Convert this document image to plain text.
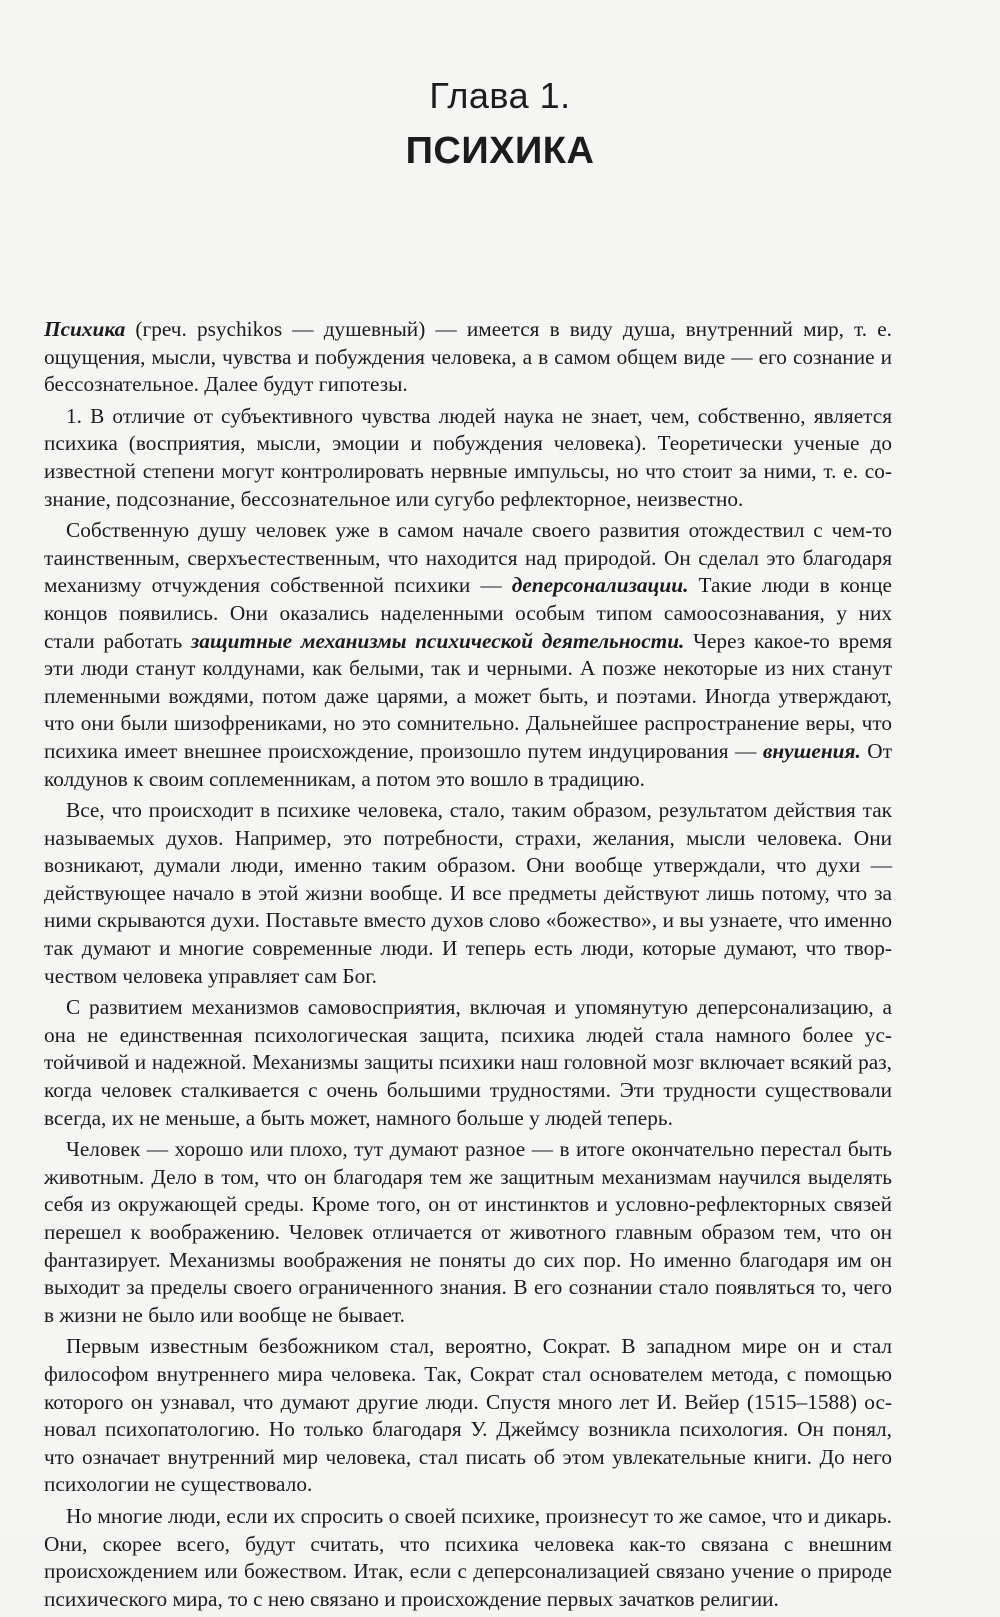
Глава 1.
ПСИХИКА

Психика (греч. psychikos — душевный) — имеется в виду душа, внутренний мир, т. е. ощущения, мысли, чувства и побуждения человека, а в самом общем виде — его сознание и бессознательное. Далее будут гипотезы.

1. В отличие от субъективного чувства людей наука не знает, чем, собственно, является психика (восприятия, мысли, эмоции и побуждения человека). Теоретически ученые до известной степени могут контролировать нервные импульсы, но что стоит за ними, т. е. сознание, подсознание, бессознательное или сугубо рефлекторное, неизвестно.

Собственную душу человек уже в самом начале своего развития отождествил с чем-то таинственным, сверхъестественным, что находится над природой. Он сделал это благодаря механизму отчуждения собственной психики — деперсонализации. Такие люди в конце концов появились. Они оказались наделенными особым типом самоосознавания, у них стали работать защитные механизмы психической деятельности. Через какое-то время эти люди станут колдунами, как белыми, так и черными. А позже некоторые из них станут племенными вождями, потом даже царями, а может быть, и поэтами. Иногда утверждают, что они были шизофрениками, но это сомнительно. Дальнейшее распространение веры, что психика имеет внешнее происхождение, произошло путем индуцирования — внушения. От колдунов к своим соплеменникам, а потом это вошло в традицию.

Все, что происходит в психике человека, стало, таким образом, результатом действия так называемых духов. Например, это потребности, страхи, желания, мысли человека. Они возникают, думали люди, именно таким образом. Они вообще утверждали, что духи — действующее начало в этой жизни вообще. И все предметы действуют лишь потому, что за ними скрываются духи. Поставьте вместо духов слово «божество», и вы узнаете, что именно так думают и многие современные люди. И теперь есть люди, которые думают, что творчеством человека управляет сам Бог.

С развитием механизмов самовосприятия, включая и упомянутую деперсонализацию, а она не единственная психологическая защита, психика людей стала намного более устойчивой и надежной. Механизмы защиты психики наш головной мозг включает всякий раз, когда человек сталкивается с очень большими трудностями. Эти трудности существовали всегда, их не меньше, а быть может, намного больше у людей теперь.

Человек — хорошо или плохо, тут думают разное — в итоге окончательно перестал быть животным. Дело в том, что он благодаря тем же защитным механизмам научился выделять себя из окружающей среды. Кроме того, он от инстинктов и условно-рефлекторных связей перешел к воображению. Человек отличается от животного главным образом тем, что он фантазирует. Механизмы воображения не поняты до сих пор. Но именно благодаря им он выходит за пределы своего ограниченного знания. В его сознании стало появляться то, чего в жизни не было или вообще не бывает.

Первым известным безбожником стал, вероятно, Сократ. В западном мире он и стал философом внутреннего мира человека. Так, Сократ стал основателем метода, с помощью которого он узнавал, что думают другие люди. Спустя много лет И. Вейер (1515–1588) основал психопатологию. Но только благодаря У. Джеймсу возникла психология. Он понял, что означает внутренний мир человека, стал писать об этом увлекательные книги. До него психологии не существовало.

Но многие люди, если их спросить о своей психике, произнесут то же самое, что и дикарь. Они, скорее всего, будут считать, что психика человека как-то связана с внешним происхождением или божеством. Итак, если с деперсонализацией связано учение о природе психического мира, то с нею связано и происхождение первых зачатков религии.
